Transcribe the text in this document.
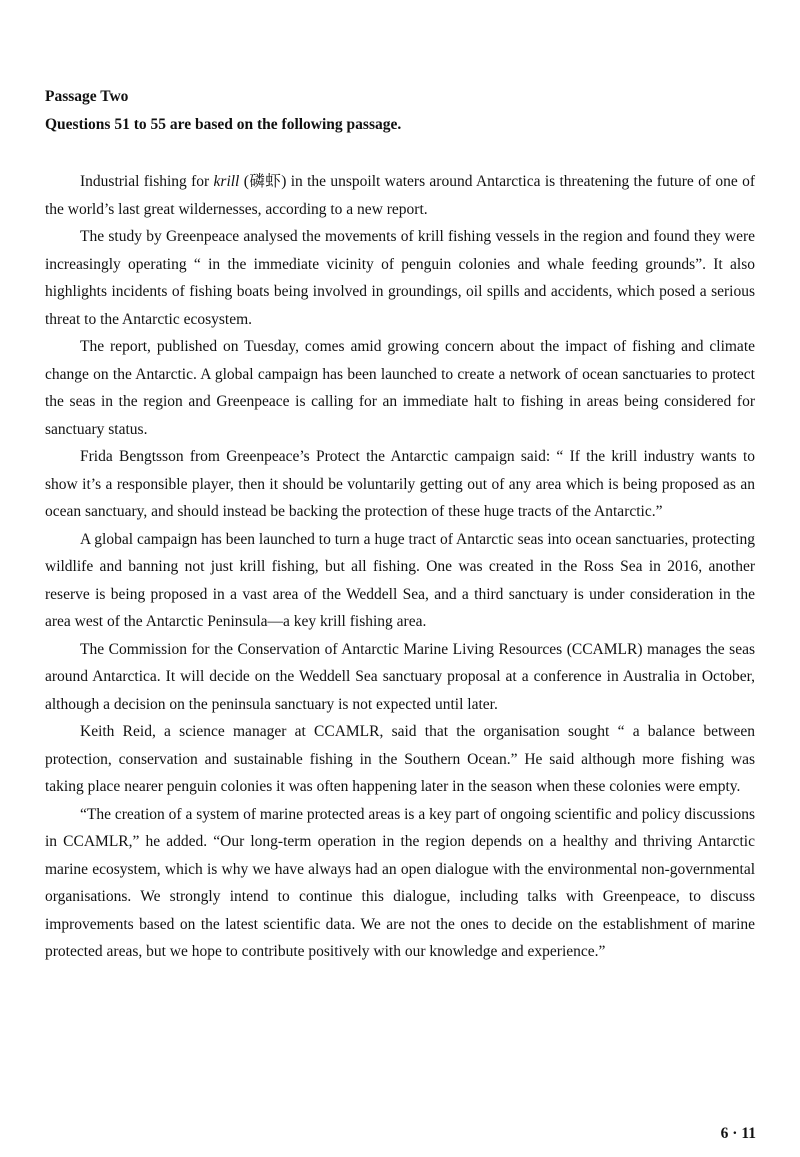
Passage Two

Questions 51 to 55 are based on the following passage.

Industrial fishing for krill (磷虾) in the unspoilt waters around Antarctica is threatening the future of one of the world’s last great wildernesses, according to a new report.

The study by Greenpeace analysed the movements of krill fishing vessels in the region and found they were increasingly operating “ in the immediate vicinity of penguin colonies and whale feeding grounds”. It also highlights incidents of fishing boats being involved in groundings, oil spills and accidents, which posed a serious threat to the Antarctic ecosystem.

The report, published on Tuesday, comes amid growing concern about the impact of fishing and climate change on the Antarctic. A global campaign has been launched to create a network of ocean sanctuaries to protect the seas in the region and Greenpeace is calling for an immediate halt to fishing in areas being considered for sanctuary status.

Frida Bengtsson from Greenpeace’s Protect the Antarctic campaign said: “ If the krill industry wants to show it’s a responsible player, then it should be voluntarily getting out of any area which is being proposed as an ocean sanctuary, and should instead be backing the protection of these huge tracts of the Antarctic.”

A global campaign has been launched to turn a huge tract of Antarctic seas into ocean sanctuaries, protecting wildlife and banning not just krill fishing, but all fishing. One was created in the Ross Sea in 2016, another reserve is being proposed in a vast area of the Weddell Sea, and a third sanctuary is under consideration in the area west of the Antarctic Peninsula—a key krill fishing area.

The Commission for the Conservation of Antarctic Marine Living Resources (CCAMLR) manages the seas around Antarctica. It will decide on the Weddell Sea sanctuary proposal at a conference in Australia in October, although a decision on the peninsula sanctuary is not expected until later.

Keith Reid, a science manager at CCAMLR, said that the organisation sought “ a balance between protection, conservation and sustainable fishing in the Southern Ocean.” He said although more fishing was taking place nearer penguin colonies it was often happening later in the season when these colonies were empty.

“The creation of a system of marine protected areas is a key part of ongoing scientific and policy discussions in CCAMLR,” he added. “Our long-term operation in the region depends on a healthy and thriving Antarctic marine ecosystem, which is why we have always had an open dialogue with the environmental non-governmental organisations. We strongly intend to continue this dialogue, including talks with Greenpeace, to discuss improvements based on the latest scientific data. We are not the ones to decide on the establishment of marine protected areas, but we hope to contribute positively with our knowledge and experience.”

6 · 11
